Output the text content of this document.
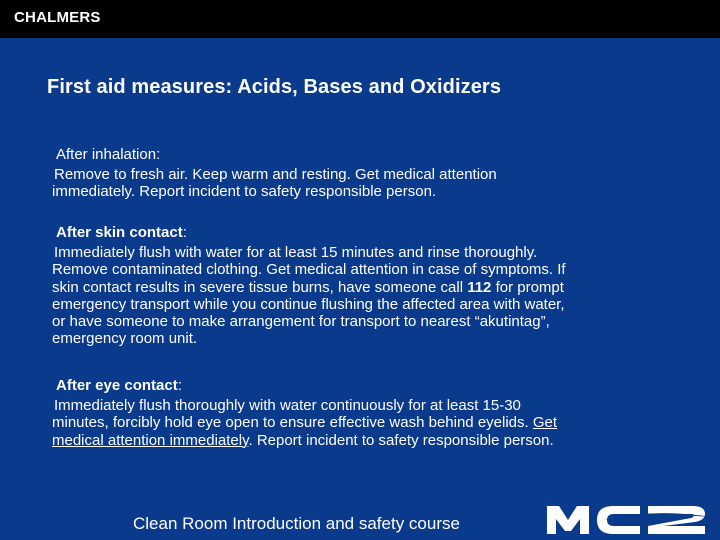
CHALMERS
First aid measures: Acids, Bases and Oxidizers

After inhalation:

Remove to fresh air. Keep warm and resting. Get medical attention

immediately. Report incident to safety responsible person.

After skin contact:

Immediately flush with water for at least 15 minutes and rinse thoroughly.

Remove contaminated clothing. Get medical attention in case of symptoms. If

skin contact results in severe tissue burns, have someone call 112 for prompt

emergency transport while you continue flushing the affected area with water,

or have someone to make arrangement for transport to nearest “akutintag”,

emergency room unit.

After eye contact:

Immediately flush thoroughly with water continuously for at least 15-30

minutes, forcibly hold eye open to ensure effective wash behind eyelids. Get

medical attention immediately. Report incident to safety responsible person.

Clean Room Introduction and safety course
